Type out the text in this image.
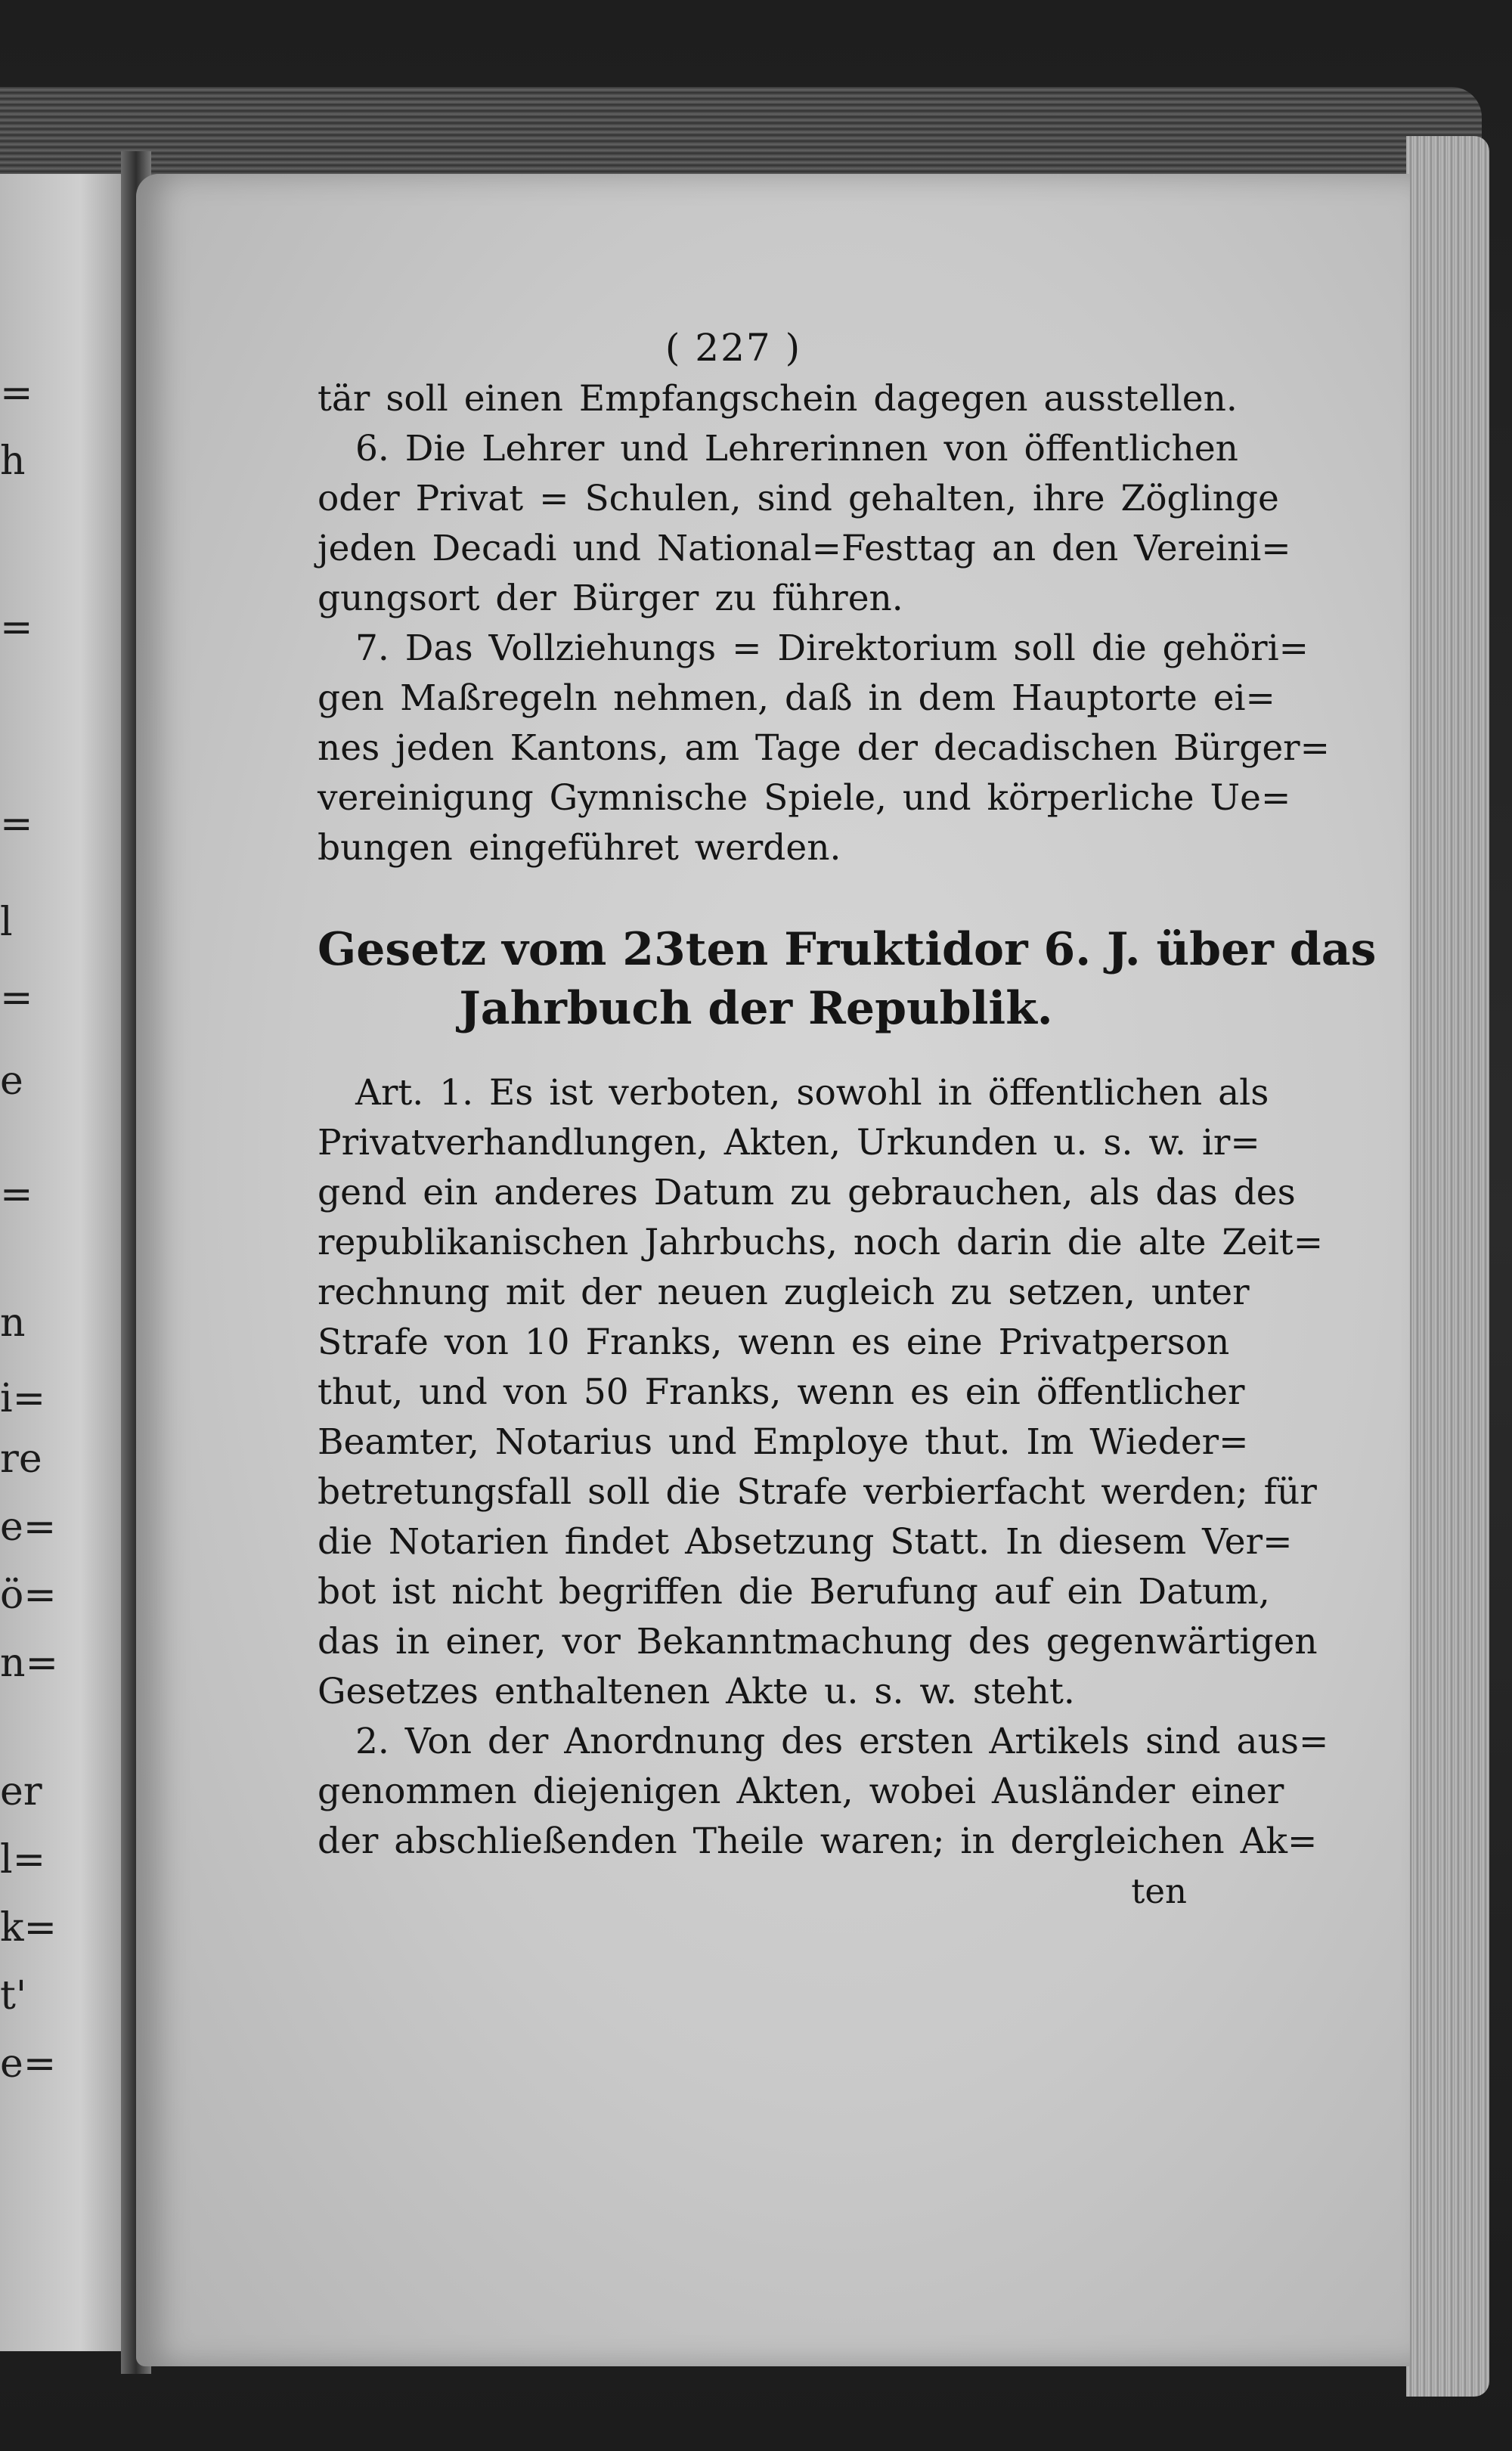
=
h
=
=
l
=
e
=
n
i=
re
e=
ö=
n=
er
l=
k=
t'
e=
( 227 )
tär soll einen Empfangschein dagegen ausstellen.
6. Die Lehrer und Lehrerinnen von öffentlichen
oder Privat = Schulen, sind gehalten, ihre Zöglinge
jeden Decadi und National=Festtag an den Vereini=
gungsort der Bürger zu führen.
7. Das Vollziehungs = Direktorium soll die gehöri=
gen Maßregeln nehmen, daß in dem Hauptorte ei=
nes jeden Kantons, am Tage der decadischen Bürger=
vereinigung Gymnische Spiele, und körperliche Ue=
bungen eingeführet werden.
Gesetz vom 23ten Fruktidor 6. J. über das
Jahrbuch der Republik.
Art. 1. Es ist verboten, sowohl in öffentlichen als
Privatverhandlungen, Akten, Urkunden u. s. w. ir=
gend ein anderes Datum zu gebrauchen, als das des
republikanischen Jahrbuchs, noch darin die alte Zeit=
rechnung mit der neuen zugleich zu setzen, unter
Strafe von 10 Franks, wenn es eine Privatperson
thut, und von 50 Franks, wenn es ein öffentlicher
Beamter, Notarius und Employe thut. Im Wieder=
betretungsfall soll die Strafe verbierfacht werden; für
die Notarien findet Absetzung Statt. In diesem Ver=
bot ist nicht begriffen die Berufung auf ein Datum,
das in einer, vor Bekanntmachung des gegenwärtigen
Gesetzes enthaltenen Akte u. s. w. steht.
2. Von der Anordnung des ersten Artikels sind aus=
genommen diejenigen Akten, wobei Ausländer einer
der abschließenden Theile waren; in dergleichen Ak=
ten
